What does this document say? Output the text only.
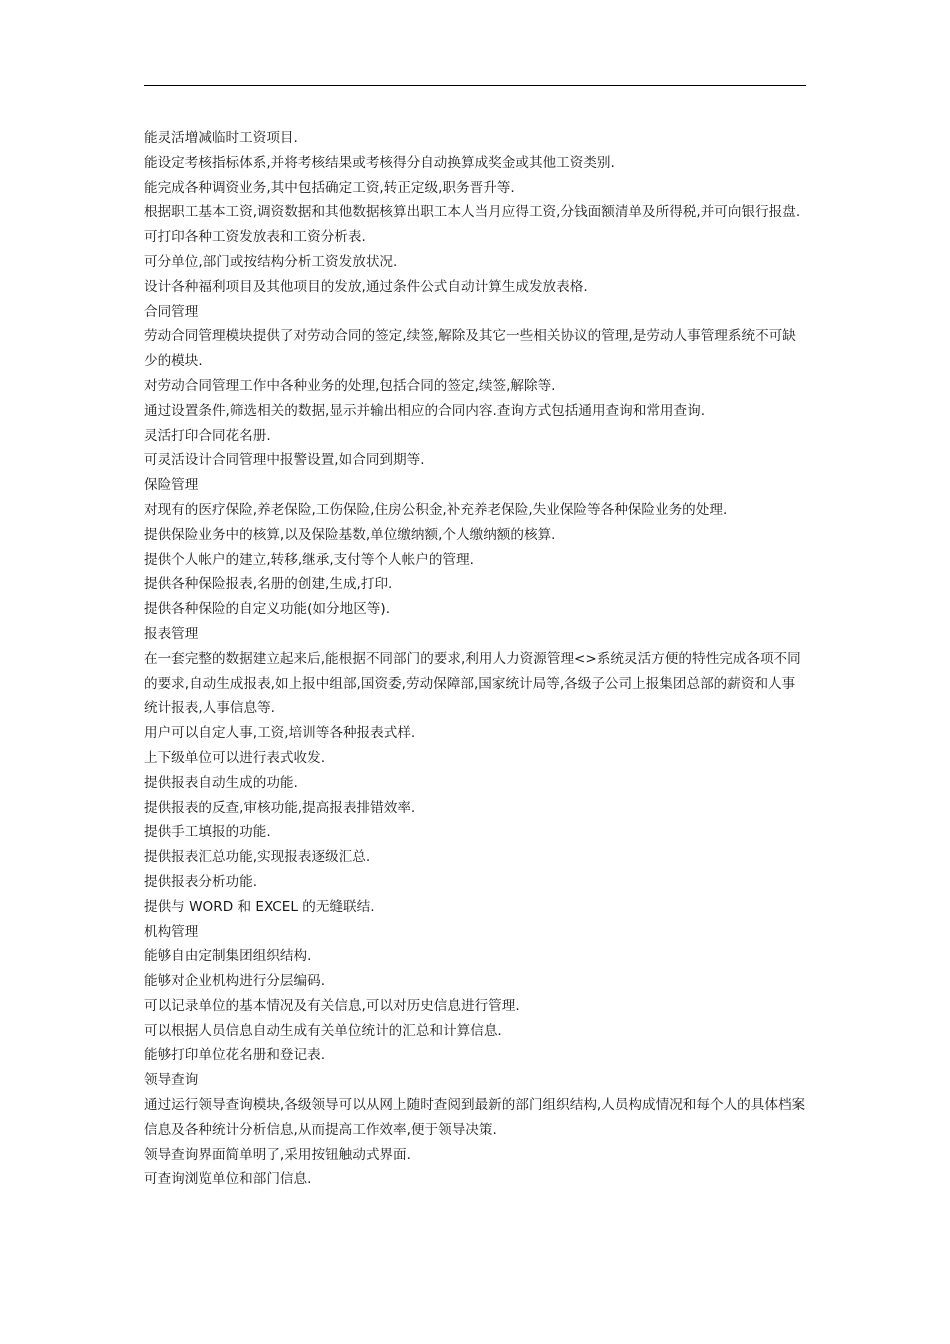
能灵活增减临时工资项目.

能设定考核指标体系,并将考核结果或考核得分自动换算成奖金或其他工资类别.

能完成各种调资业务,其中包括确定工资,转正定级,职务晋升等.

根据职工基本工资,调资数据和其他数据核算出职工本人当月应得工资,分钱面额清单及所得税,并可向银行报盘.

可打印各种工资发放表和工资分析表.

可分单位,部门或按结构分析工资发放状况.

设计各种福利项目及其他项目的发放,通过条件公式自动计算生成发放表格.

合同管理

劳动合同管理模块提供了对劳动合同的签定,续签,解除及其它一些相关协议的管理,是劳动人事管理系统不可缺少的模块.

对劳动合同管理工作中各种业务的处理,包括合同的签定,续签,解除等.

通过设置条件,筛选相关的数据,显示并输出相应的合同内容.查询方式包括通用查询和常用查询.

灵活打印合同花名册.

可灵活设计合同管理中报警设置,如合同到期等.

保险管理

对现有的医疗保险,养老保险,工伤保险,住房公积金,补充养老保险,失业保险等各种保险业务的处理.

提供保险业务中的核算,以及保险基数,单位缴纳额,个人缴纳额的核算.

提供个人帐户的建立,转移,继承,支付等个人帐户的管理.

提供各种保险报表,名册的创建,生成,打印.

提供各种保险的自定义功能(如分地区等).

报表管理

在一套完整的数据建立起来后,能根据不同部门的要求,利用人力资源管理<>系统灵活方便的特性完成各项不同的要求,自动生成报表,如上报中组部,国资委,劳动保障部,国家统计局等,各级子公司上报集团总部的薪资和人事统计报表,人事信息等.

用户可以自定人事,工资,培训等各种报表式样.

上下级单位可以进行表式收发.

提供报表自动生成的功能.

提供报表的反查,审核功能,提高报表排错效率.

提供手工填报的功能.

提供报表汇总功能,实现报表逐级汇总.

提供报表分析功能.

提供与 WORD 和 EXCEL 的无缝联结.

机构管理

能够自由定制集团组织结构.

能够对企业机构进行分层编码.

可以记录单位的基本情况及有关信息,可以对历史信息进行管理.

可以根据人员信息自动生成有关单位统计的汇总和计算信息.

能够打印单位花名册和登记表.

领导查询

通过运行领导查询模块,各级领导可以从网上随时查阅到最新的部门组织结构,人员构成情况和每个人的具体档案信息及各种统计分析信息,从而提高工作效率,便于领导决策.

领导查询界面简单明了,采用按钮触动式界面.

可查询浏览单位和部门信息.
